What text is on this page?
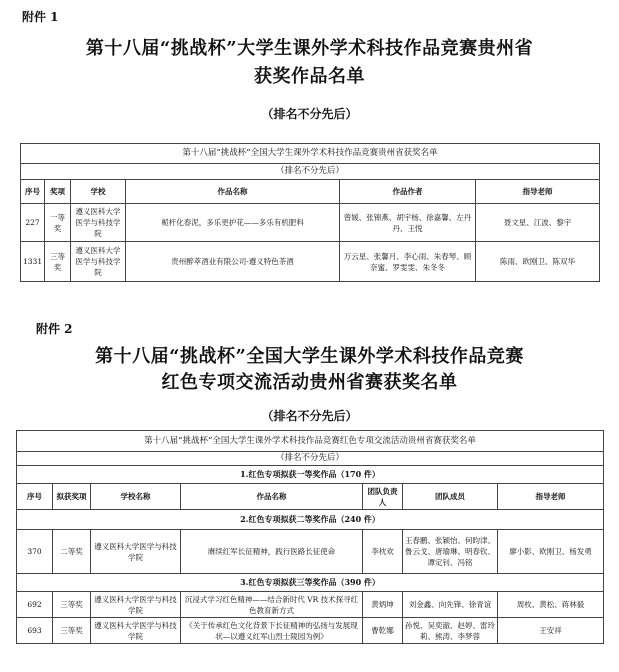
附件 1
第十八届“挑战杯”大学生课外学术科技作品竞赛贵州省
获奖作品名单
（排名不分先后）
第十八届“挑战杯”全国大学生课外学术科技作品竞赛贵州省获奖名单					
（排名不分先后）					
序号	奖项	学校	作品名称	作品作者	指导老师
227	一等奖	遵义医科大学医学与科技学院	栀杆化春泥，多乐更护花——多乐有机肥料	曾媛、张锦燕、胡宇杨、徐嘉馨、左丹丹、王悦	聂文星、江波、黎宇
1331	三等奖	遵义医科大学医学与科技学院	贵州醉萃酒业有限公司-遵义特色茶酒	万云星、张馨月、李心雨、朱春琴、顾奈蜜、罗雯雯、朱冬冬	陈雨、欧刚卫、陈双华
附件 2
第十八届“挑战杯”全国大学生课外学术科技作品竞赛
红色专项交流活动贵州省赛获奖名单
（排名不分先后）
第十八届“挑战杯”全国大学生课外学术科技作品竞赛红色专项交流活动贵州省赛获奖名单						
（排名不分先后）						
1.红色专项拟获一等奖作品（170 件）						
序号	拟获奖项	学校名称	作品名称	团队负责人	团队成员	指导老师
2.红色专项拟获二等奖作品（240 件）						
370	二等奖	遵义医科大学医学与科技学院	赓续红军长征精神，践行医路长征使命	李枕欢	王春鹏、张颖怡、何昀津、鲁云戈、唐瑜琳、明春钦、谭定钊、冯铭	廖小影、欧刚卫、杨发勇
3.红色专项拟获三等奖作品（390 件）						
692	三等奖	遵义医科大学医学与科技学院	沉浸式学习红色精神——结合新时代 VR 技术探寻红色教育新方式	黄炳坤	刘金鑫、向先锋、徐青谊	周枚、黄松、蒋林毅
693	三等奖	遵义医科大学医学与科技学院	《关于传承红色文化背景下长征精神的弘扬与发展现状—以遵义红军山烈士陵园为例》	曹乾娜	孙悦、吴奕澈、赵婷、雷玲莉、熊涛、李梦蓉	王安祥
